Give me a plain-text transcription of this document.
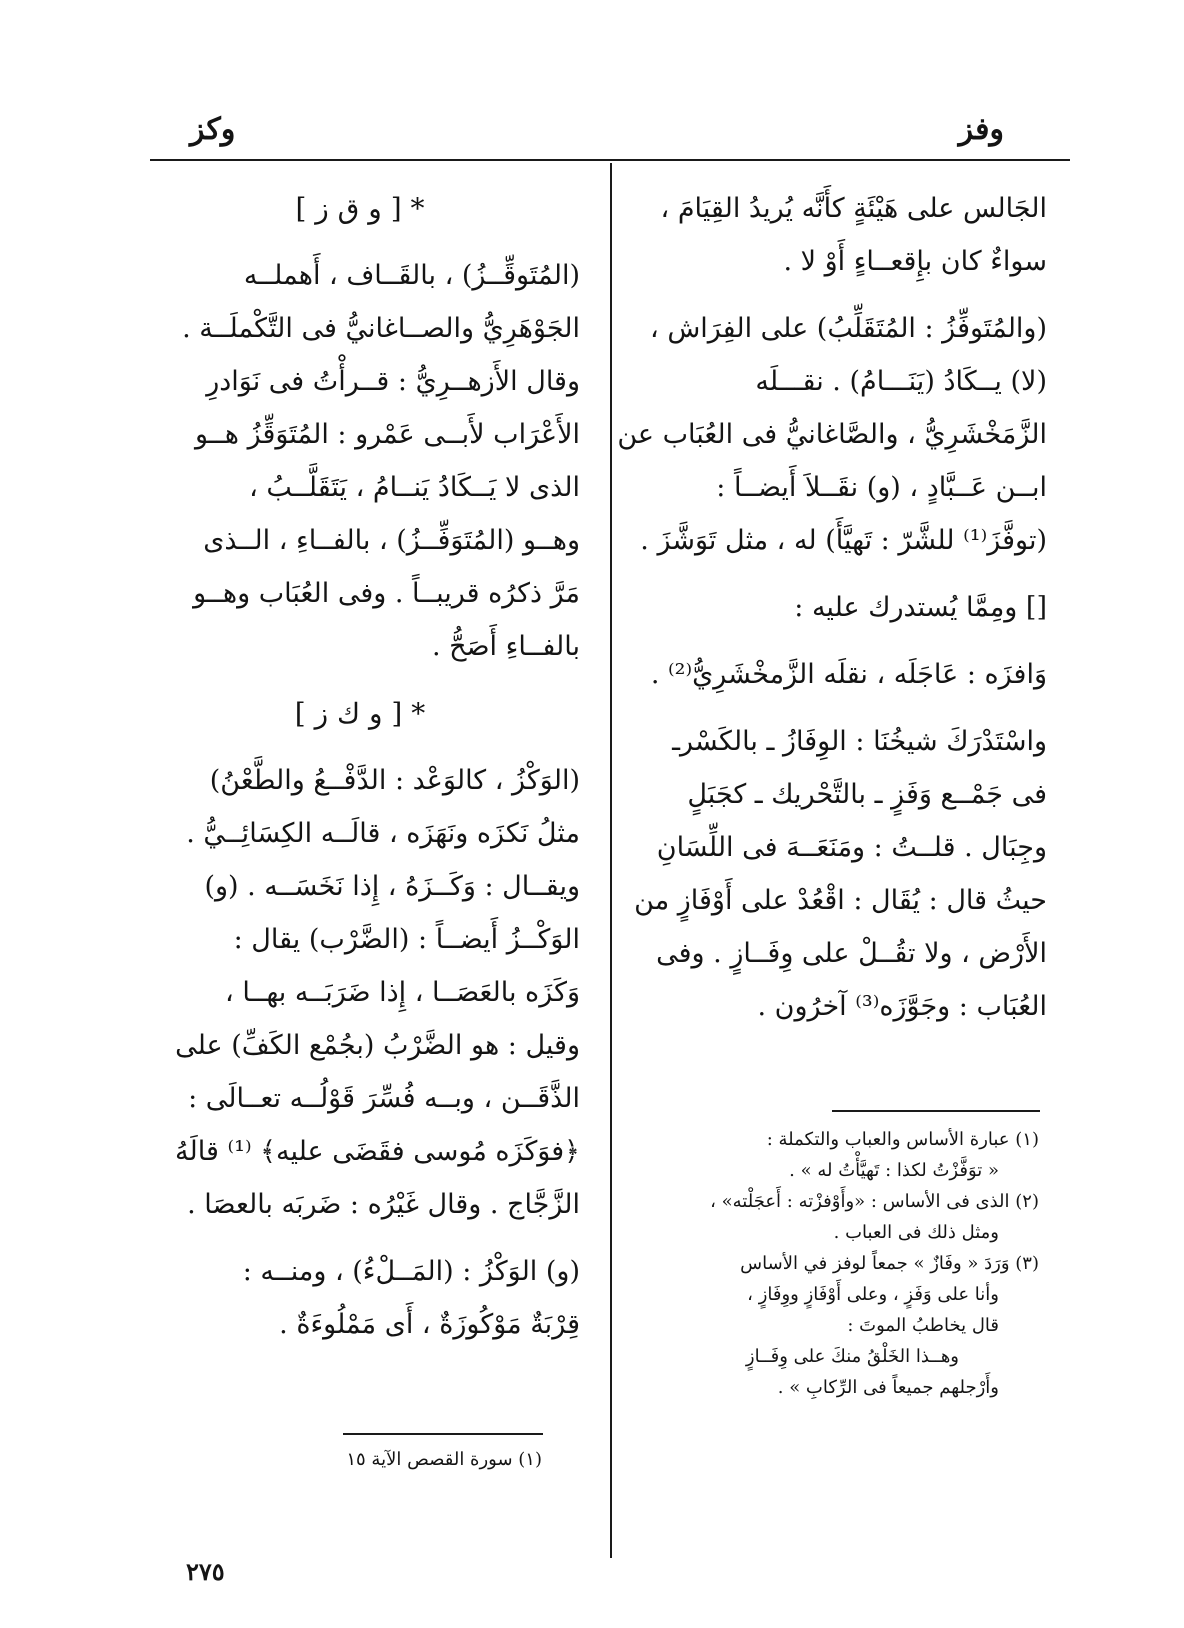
وفز
وكز

الجَالس على هَيْئَةٍ كأَنَّه يُريدُ القِيَامَ ،

سواءٌ كان بإِقعــاءٍ أَوْ لا .

(والمُتَوفِّزُ : المُتَقَلِّبُ) على الفِرَاش ،

(لا) يــكَادُ (يَنَـــامُ) . نقـــلَه

الزَّمَخْشَرِيُّ ، والصَّاغانيُّ فى العُبَاب عن

ابــن عَــبَّادٍ ، (و) نقَــلاَ أَيضــاً :

(توفَّزَ⁽¹⁾ للشَّرّ : تَهيَّأَ) له ، مثل تَوَشَّزَ .

[] ومِمَّا يُستدرك عليه :

وَافزَه : عَاجَلَه ، نقلَه الزَّمخْشَرِيُّ⁽²⁾ .

واسْتَدْرَكَ شيخُنَا : الوِفَازُ ـ بالكَسْرـ

فى جَمْــع وَفَزٍ ـ بالتَّحْريك ـ كجَبَلٍ

وجِبَال . قلــتُ : ومَنَعَــهَ فى اللِّسَانِ

حيثُ قال : يُقَال : اقْعُدْ على أَوْفَازٍ من

الأَرْض ، ولا تقُــلْ على وِفَــازٍ . وفى

العُبَاب : وجَوَّزَه⁽³⁾ آخرُون .

* [ و ق ز ]

(المُتَوقِّــزُ) ، بالقَــاف ، أَهملــه

الجَوْهَرِيُّ والصــاغانيُّ فى التَّكْملَــة .

وقال الأَزهــرِيُّ : قــرأْتُ فى نَوَادرِ

الأَعْرَاب لأَبــى عَمْرو : المُتَوَقِّزُ هــو

الذى لا يَــكَادُ يَنــامُ ، يَتَقَلَّــبُ ،

وهــو (المُتَوَفِّــزُ) ، بالفــاءِ ، الــذى

مَرَّ ذكرُه قريبــاً . وفى العُبَاب وهــو

بالفــاءِ أَصَحُّ .

* [ و ك ز ]

(الوَكْزُ ، كالوَعْد : الدَّفْــعُ والطَّعْنُ)

مثلُ نَكزَه ونَهَزَه ، قالَــه الكِسَائِــيُّ .

ويقــال : وَكَــزَهُ ، إِذا نَخَسَــه . (و)

الوَكْــزُ أَيضــاً : (الضَّرْب) يقال :

وَكَزَه بالعَصَــا ، إِذا ضَرَبَــه بهــا ،

وقيل : هو الضَّرْبُ (بجُمْع الكَفِّ) على

الذَّقَــن ، وبــه فُسِّرَ قَوْلُــه تعــالَى :

﴿فوَكَزَه مُوسى فقَضَى عليه﴾ ⁽¹⁾ قالَهُ

الزَّجَّاج . وقال غَيْرُه : ضَربَه بالعصَا .

(و) الوَكْزُ : (المَــلْءُ) ، ومنــه :

قِرْبَةٌ مَوْكُوزَةٌ ، أَى مَمْلُوءَةٌ .

(١) عبارة الأساس والعباب والتكملة :

« توَفَّزْتُ لكذا : تَهيَّأْتُ له » .

(٢) الذى فى الأساس : «وأَوْفزْته : أَعجَلْته» ،

ومثل ذلك فى العباب .

(٣) وَرَدَ « وفَازٌ » جمعاً لوفز في الأساس

وأنا على وَفَزٍ ، وعلى أَوْفَازٍ ووِفَازٍ ،

قال يخاطبُ الموتَ :

وهــذا الخَلْقُ منكَ على وِفَــازٍ

وأَرْجلهم جميعاً فى الرِّكابِ » .

(١) سورة القصص الآية ١٥

٢٧٥
